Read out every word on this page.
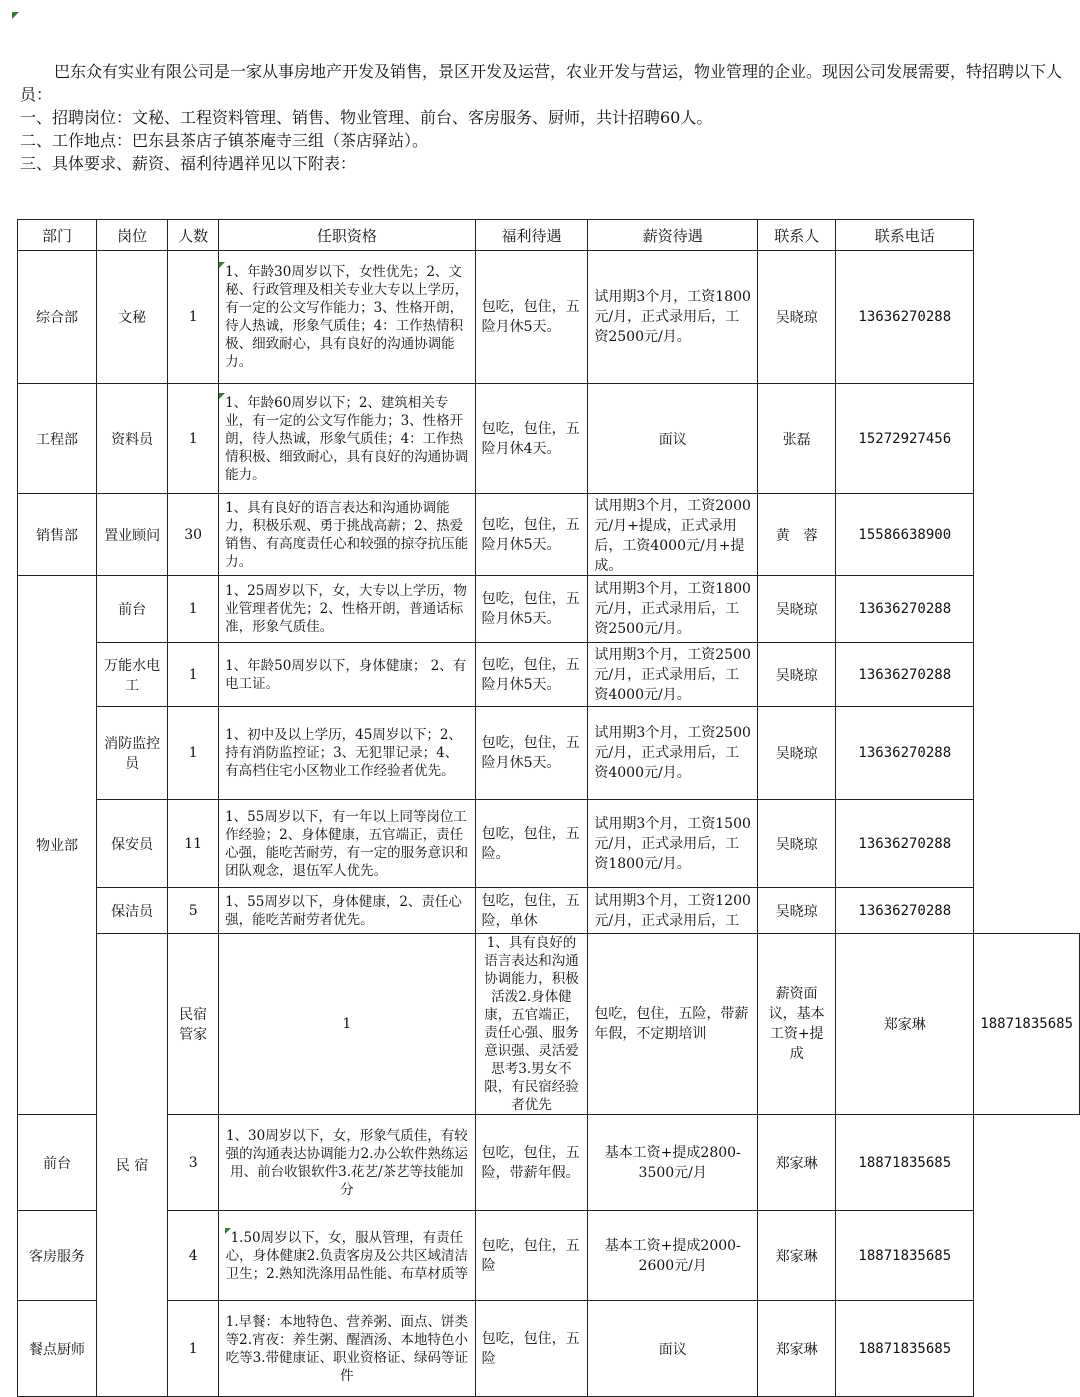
巴东众有实业有限公司是一家从事房地产开发及销售，景区开发及运营，农业开发与营运，物业管理的企业。现因公司发展需要，特招聘以下人员：

一、招聘岗位：文秘、工程资料管理、销售、物业管理、前台、客房服务、厨师，共计招聘60人。

二、工作地点：巴东县茶店子镇茶庵寺三组（茶店驿站）。

三、具体要求、薪资、福利待遇祥见以下附表：

部门	岗位	人数	任职资格	福利待遇	薪资待遇	联系人	联系电话	
综合部	文秘	1	1、年龄30周岁以下，女性优先；2、文秘、行政管理及相关专业大专以上学历，有一定的公文写作能力；3、性格开朗，待人热诚，形象气质佳；4：工作热情积极、细致耐心，具有良好的沟通协调能力。	包吃，包住，五险月休5天。	试用期3个月，工资1800元/月，正式录用后，工资2500元/月。	吴晓琼	13636270288	
工程部	资料员	1	1、年龄60周岁以下；2、建筑相关专业，有一定的公文写作能力；3、性格开朗，待人热诚，形象气质佳；4：工作热情积极、细致耐心，具有良好的沟通协调能力。	包吃，包住，五险月休4天。	面议	张磊	15272927456	
销售部	置业顾问	30	1、具有良好的语言表达和沟通协调能力，积极乐观、勇于挑战高薪；2、热爱销售、有高度责任心和较强的掠夺抗压能力。	包吃，包住，五险月休5天。	试用期3个月，工资2000元/月+提成，正式录用后，工资4000元/月+提成。	黄　蓉	15586638900	
物业部	前台	1	1、25周岁以下，女，大专以上学历，物业管理者优先；2、性格开朗，普通话标准，形象气质佳。	包吃，包住，五险月休5天。	试用期3个月，工资1800元/月，正式录用后，工资2500元/月。	吴晓琼	13636270288	
	万能水电工	1	1、年龄50周岁以下，身体健康； 2、有电工证。	包吃，包住，五险月休5天。	试用期3个月，工资2500元/月，正式录用后，工资4000元/月。	吴晓琼	13636270288	
	消防监控员	1	1、初中及以上学历，45周岁以下；2、持有消防监控证；3、无犯罪记录；4、有高档住宅小区物业工作经验者优先。	包吃，包住，五险月休5天。	试用期3个月，工资2500元/月，正式录用后，工资4000元/月。	吴晓琼	13636270288	
	保安员	11	1、55周岁以下，有一年以上同等岗位工作经验；2、身体健康，五官端正，责任心强，能吃苦耐劳，有一定的服务意识和团队观念，退伍军人优先。	包吃，包住，五险。	试用期3个月，工资1500元/月，正式录用后，工资1800元/月。	吴晓琼	13636270288	
	保洁员	5	1、55周岁以下，身体健康，2、责任心强，能吃苦耐劳者优先。	包吃，包住，五险，单休	试用期3个月，工资1200元/月，正式录用后，工	吴晓琼	13636270288	
	民 宿	民宿管家	1	1、具有良好的语言表达和沟通协调能力，积极活泼2.身体健康，五官端正，责任心强、服务意识强、灵活爱思考3.男女不限，有民宿经验者优先	包吃，包住，五险，带薪年假，不定期培训	薪资面议，基本工资+提成	郑家琳	18871835685
前台		3	1、30周岁以下，女，形象气质佳，有较强的沟通表达协调能力2.办公软件熟练运用、前台收银软件3.花艺/茶艺等技能加分	包吃，包住，五险，带薪年假。	基本工资+提成2800-3500元/月	郑家琳	18871835685	
客房服务		4	1.50周岁以下，女，服从管理，有责任心，身体健康2.负责客房及公共区域清洁卫生；2.熟知洗涤用品性能、布草材质等	包吃，包住，五险	基本工资+提成2000-2600元/月	郑家琳	18871835685	
餐点厨师		1	1.早餐：本地特色、营养粥、面点、饼类等2.宵夜：养生粥、醒酒汤、本地特色小吃等3.带健康证、职业资格证、绿码等证件	包吃，包住，五险	面议	郑家琳	18871835685	
